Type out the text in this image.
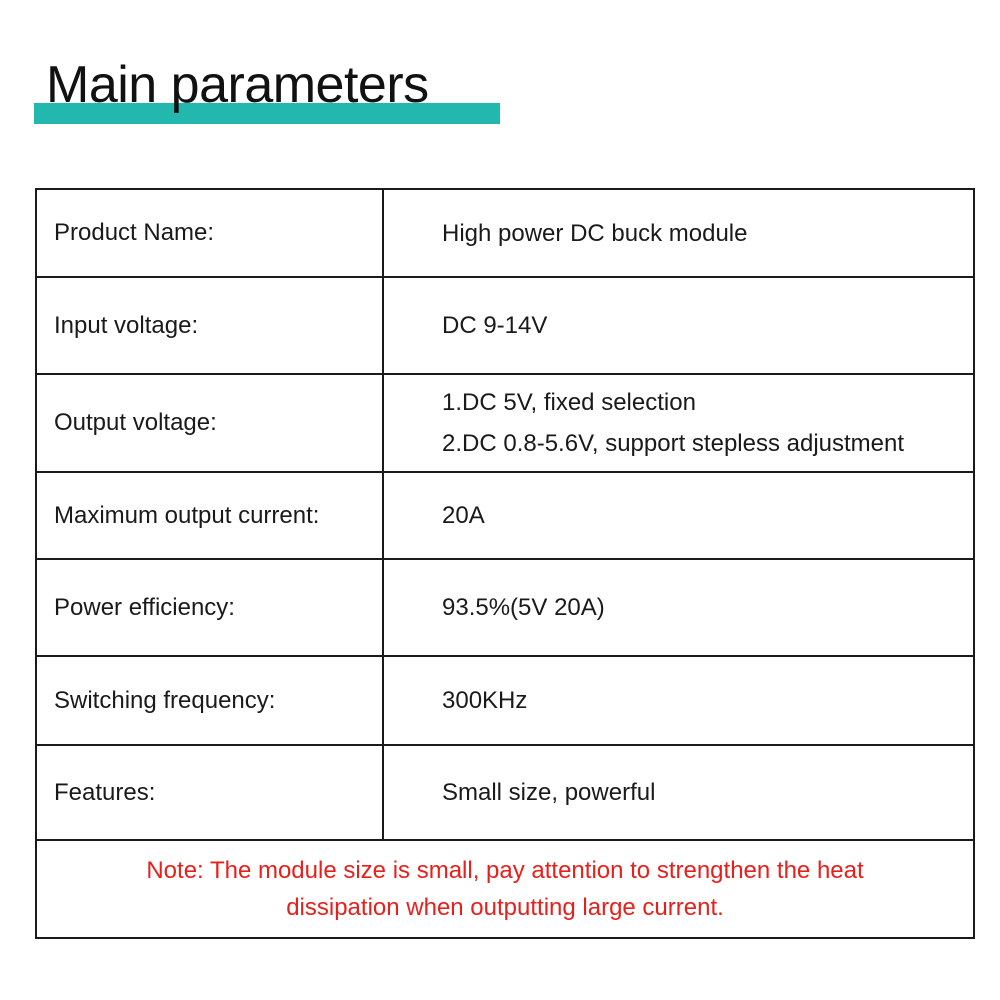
Main parameters
Product Name:	High power DC buck module

Input voltage:	DC 9-14V

Output voltage:	1.DC 5V, fixed selection
2.DC 0.8-5.6V, support stepless adjustment

Maximum output current:	20A

Power efficiency:	93.5%(5V 20A)

Switching frequency:	300KHz

Features:	Small size, powerful

Note: The module size is small, pay attention to strengthen the heat
dissipation when outputting large current.	
